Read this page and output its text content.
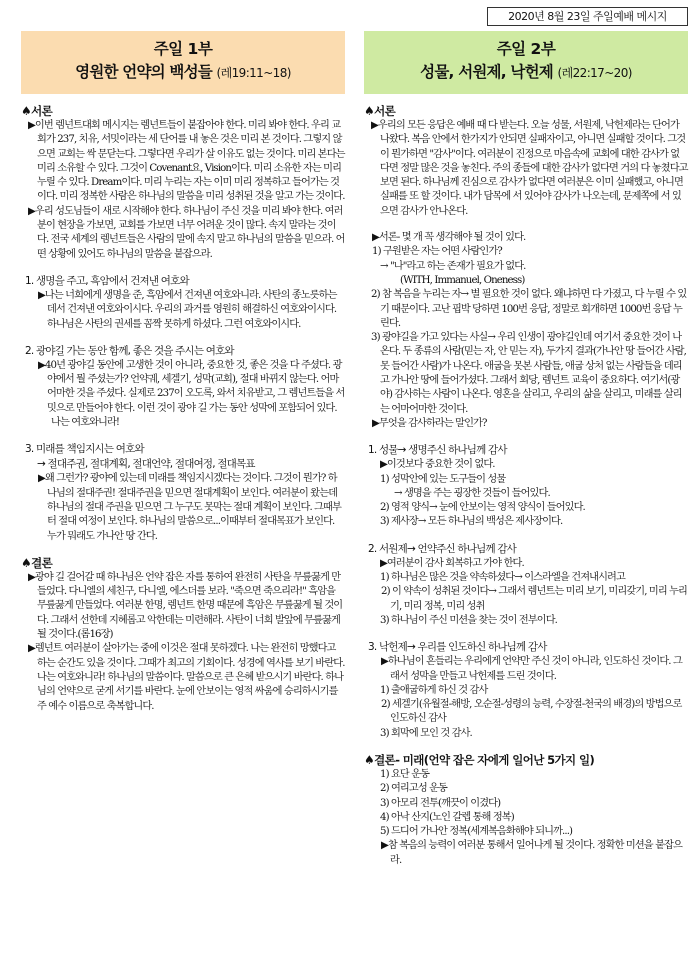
2020년 8월 23일 주일예배 메시지
주일 1부
영원한 언약의 백성들 (레19:11~18)
♠서론
▶이번 렘넌트대회 메시지는 렘넌트들이 붙잡아야 한다. 미리 봐야 한다. 우리 교회가 237, 치유, 서밋이라는 세 단어를 내 놓은 것은 미리 본 것이다. 그렇지 않으면 교회는 싹 문닫는다. 그렇다면 우리가 살 이유도 없는 것이다. 미리 본다는 미리 소유할 수 있다. 그것이 Covenant요, Vision이다. 미리 소유한 자는 미리 누릴 수 있다. Dream이다. 미리 누리는 자는 이미 미리 정복하고 들어가는 것이다. 미리 정복한 사람은 하나님의 말씀을 미리 성취된 것을 알고 가는 것이다.
▶우리 성도님들이 새로 시작해야 한다. 하나님이 주신 것을 미리 봐야 한다. 여러분이 현장을 가보면, 교회를 가보면 너무 어려운 것이 많다. 속지 말라는 것이다. 전국 세계의 렘넌트들은 사람의 말에 속지 말고 하나님의 말씀을 믿으라. 어떤 상황에 있어도 하나님의 말씀을 붙잡으라.
1. 생명을 주고, 흑암에서 건져낸 여호와
▶나는 너희에게 생명을 준, 흑암에서 건져낸 여호와니라. 사탄의 종노릇하는데서 건져낸 여호와이시다. 우리의 과거를 영원히 해결하신 여호와이시다. 하나님은 사탄의 권세를 꼼짝 못하게 하셨다. 그런 여호와이시다.
2. 광야길 가는 동안 함께, 좋은 것을 주시는 여호와
▶40년 광야길 동안에 고생한 것이 아니라, 중요한 것, 좋은 것을 다 주셨다. 광야에서 뭘 주셨는가? 언약궤, 세겔기, 성막(교회), 절대 바뀌지 않는다. 어마어마한 것을 주셨다. 실제로 237이 오도록, 와서 치유받고, 그 렘넌트들을 서밋으로 만들어야 한다. 이런 것이 광야 길 가는 동안 성막에 포함되어 있다.
나는 여호와니라!
3. 미래를 책임지시는 여호와
→ 절대주권, 절대계획, 절대언약, 절대여정, 절대목표
▶왜 그런가? 광야에 있는데 미래를 책임지시겠다는 것이다. 그것이 뭔가? 하나님의 절대주권! 절대주권을 믿으면 절대계획이 보인다. 여러분이 왔는데 하나님의 절대 주권을 믿으면 그 누구도 못막는 절대 계획이 보인다. 그때부터 절대 여정이 보인다. 하나님의 말씀으로...이때부터 절대목표가 보인다. 누가 뭐래도 가나안 땅 간다.
♠결론
▶광야 길 걸어갈 때 하나님은 언약 잡은 자를 통하여 완전히 사탄을 무릎꿇게 만들었다. 다니엘의 세친구, 다니엘, 에스더를 보라. "죽으면 죽으리라!" 흑암을 무릎꿇게 만들었다. 여러분 한명, 렘넌트 한명 때문에 흑암은 무릎꿇게 될 것이다. 그래서 선한데 지혜롭고 악한데는 미련해라. 사탄이 너희 발앞에 무릎꿇게 될 것이다.(롬16장)
▶렘넌트 여러분이 살아가는 중에 이것은 절대 못하겠다. 나는 완전히 망했다고 하는 순간도 있을 것이다. 그때가 최고의 기회이다. 성경에 역사를 보기 바란다. 나는 여호와니라! 하나님의 말씀이다. 말씀으로 큰 은혜 받으시기 바란다. 하나님의 언약으로 굳게 서기를 바란다. 눈에 안보이는 영적 싸움에 승리하시기를 주 예수 이름으로 축복합니다.
주일 2부
성물, 서원제, 낙헌제 (레22:17~20)
♠서론
▶우리의 모든 응답은 예배 때 다 받는다. 오늘 성물, 서원제, 낙헌제라는 단어가 나왔다. 복음 안에서 한가지가 안되면 실패자이고, 아니면 실패할 것이다. 그것이 뭔가하면 "감사"이다. 여러분이 진정으로 마음속에 교회에 대한 감사가 없다면 정말 많은 것을 놓친다. 주의 종들에 대한 감사가 없다면 거의 다 놓쳤다고 보면 된다. 하나님께 진심으로 감사가 없다면 여러분은 이미 실패했고, 아니면 실패를 또 할 것이다. 내가 담목에 서 있어야 감사가 나오는데, 문제쪽에 서 있으면 감사가 안나온다.
▶서론- 몇 개 꼭 생각해야 될 것이 있다.
1) 구원받은 자는 어떤 사람인가?
→ "나"라고 하는 존재가 필요가 없다.
(WITH, Immanuel, Oneness)
2) 참 복음을 누리는 자→ 별 필요한 것이 없다. 왜냐하면 다 가졌고, 다 누릴 수 있기 때문이다. 고난 핍박 당하면 100번 응답, 정말로 회개하면 1000번 응답 누린다.
3) 광야길을 가고 있다는 사실→ 우리 인생이 광야길인데 여기서 중요한 것이 나온다. 두 종류의 사람(믿는 자, 안 믿는 자), 두가지 결과(가나안 땅 들어간 사람, 못 들어간 사람)가 나온다. 애굽을 못본 사람들, 애굽 상처 없는 사람들을 데리고 가나안 땅에 들어가셨다. 그래서 회당, 렘넌트 교육이 중요하다. 여기서(광야) 감사하는 사람이 나온다. 영혼을 살리고, 우리의 삶을 살리고, 미래를 살리는 어마어마한 것이다.
▶무엇을 감사하라는 말인가?
1. 성물→ 생명주신 하나님께 감사
▶이것보다 중요한 것이 없다.
1) 성막안에 있는 도구들이 성물
→ 생명을 주는 굉장한 것들이 들어있다.
2) 영적 양식→ 눈에 안보이는 영적 양식이 들어있다.
3) 제사장→ 모든 하나님의 백성은 제사장이다.
2. 서원제→ 언약주신 하나님께 감사
▶여러분이 감사 회복하고 가야 한다.
1) 하나님은 많은 것을 약속하셨다→ 이스라엘을 건져내시려고
2) 이 약속이 성취된 것이다→ 그래서 렘넌트는 미리 보기, 미리갖기, 미리 누리기, 미리 정복, 미리 성취
3) 하나님이 주신 미션을 찾는 것이 전부이다.
3. 낙헌제→ 우리를 인도하신 하나님께 감사
▶하나님이 흔들리는 우리에게 언약만 주신 것이 아니라, 인도하신 것이다. 그래서 성막을 만들고 낙헌제를 드린 것이다.
1) 출애굽하게 하신 것 감사
2) 세겔기(유월절-해방, 오순절-성령의 능력, 수장절-천국의 배경)의 방법으로 인도하신 감사
3) 회막에 모인 것 감사.
♠결론- 미래(언약 잡은 자에게 일어난 5가지 일)
1) 요단 운동
2) 여리고성 운동
3) 아모리 전투(깨끗이 이겼다)
4) 아낙 산지(노인 갈렙 통해 정복)
5) 드디어 가나안 정복(세계복음화해야 되니까...)
▶참 복음의 능력이 여러분 통해서 일어나게 될 것이다. 정확한 미션을 붙잡으라.
